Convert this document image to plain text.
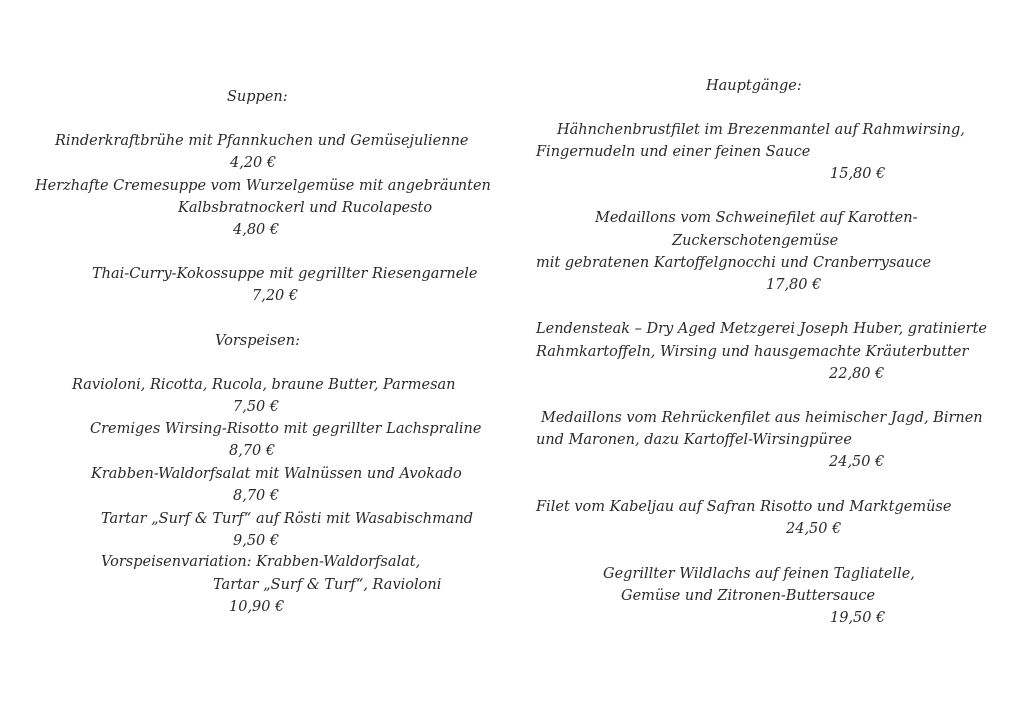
Suppen:
Rinderkraftbrühe mit Pfannkuchen und Gemüsejulienne
4,20 €
Herzhafte Cremesuppe vom Wurzelgemüse mit angebräunten
Kalbsbratnockerl und Rucolapesto
4,80 €
Thai-Curry-Kokossuppe mit gegrillter Riesengarnele
7,20 €
Vorspeisen:
Ravioloni, Ricotta, Rucola, braune Butter, Parmesan
7,50 €
Cremiges Wirsing-Risotto mit gegrillter Lachspraline
8,70 €
Krabben-Waldorfsalat mit Walnüssen und Avokado
8,70 €
Tartar „Surf & Turf“ auf Rösti mit Wasabischmand
9,50 €
Vorspeisenvariation: Krabben-Waldorfsalat,
Tartar „Surf & Turf“, Ravioloni
10,90 €
Hauptgänge:
Hähnchenbrustfilet im Brezenmantel auf Rahmwirsing,
Fingernudeln und einer feinen Sauce
15,80 €
Medaillons vom Schweinefilet auf Karotten-
Zuckerschotengemüse
mit gebratenen Kartoffelgnocchi und Cranberrysauce
17,80 €
Lendensteak – Dry Aged Metzgerei Joseph Huber, gratinierte
Rahmkartoffeln, Wirsing und hausgemachte Kräuterbutter
22,80 €
Medaillons vom Rehrückenfilet aus heimischer Jagd, Birnen
und Maronen, dazu Kartoffel-Wirsingpüree
24,50 €
Filet vom Kabeljau auf Safran Risotto und Marktgemüse
24,50 €
Gegrillter Wildlachs auf feinen Tagliatelle,
Gemüse und Zitronen-Buttersauce
19,50 €
